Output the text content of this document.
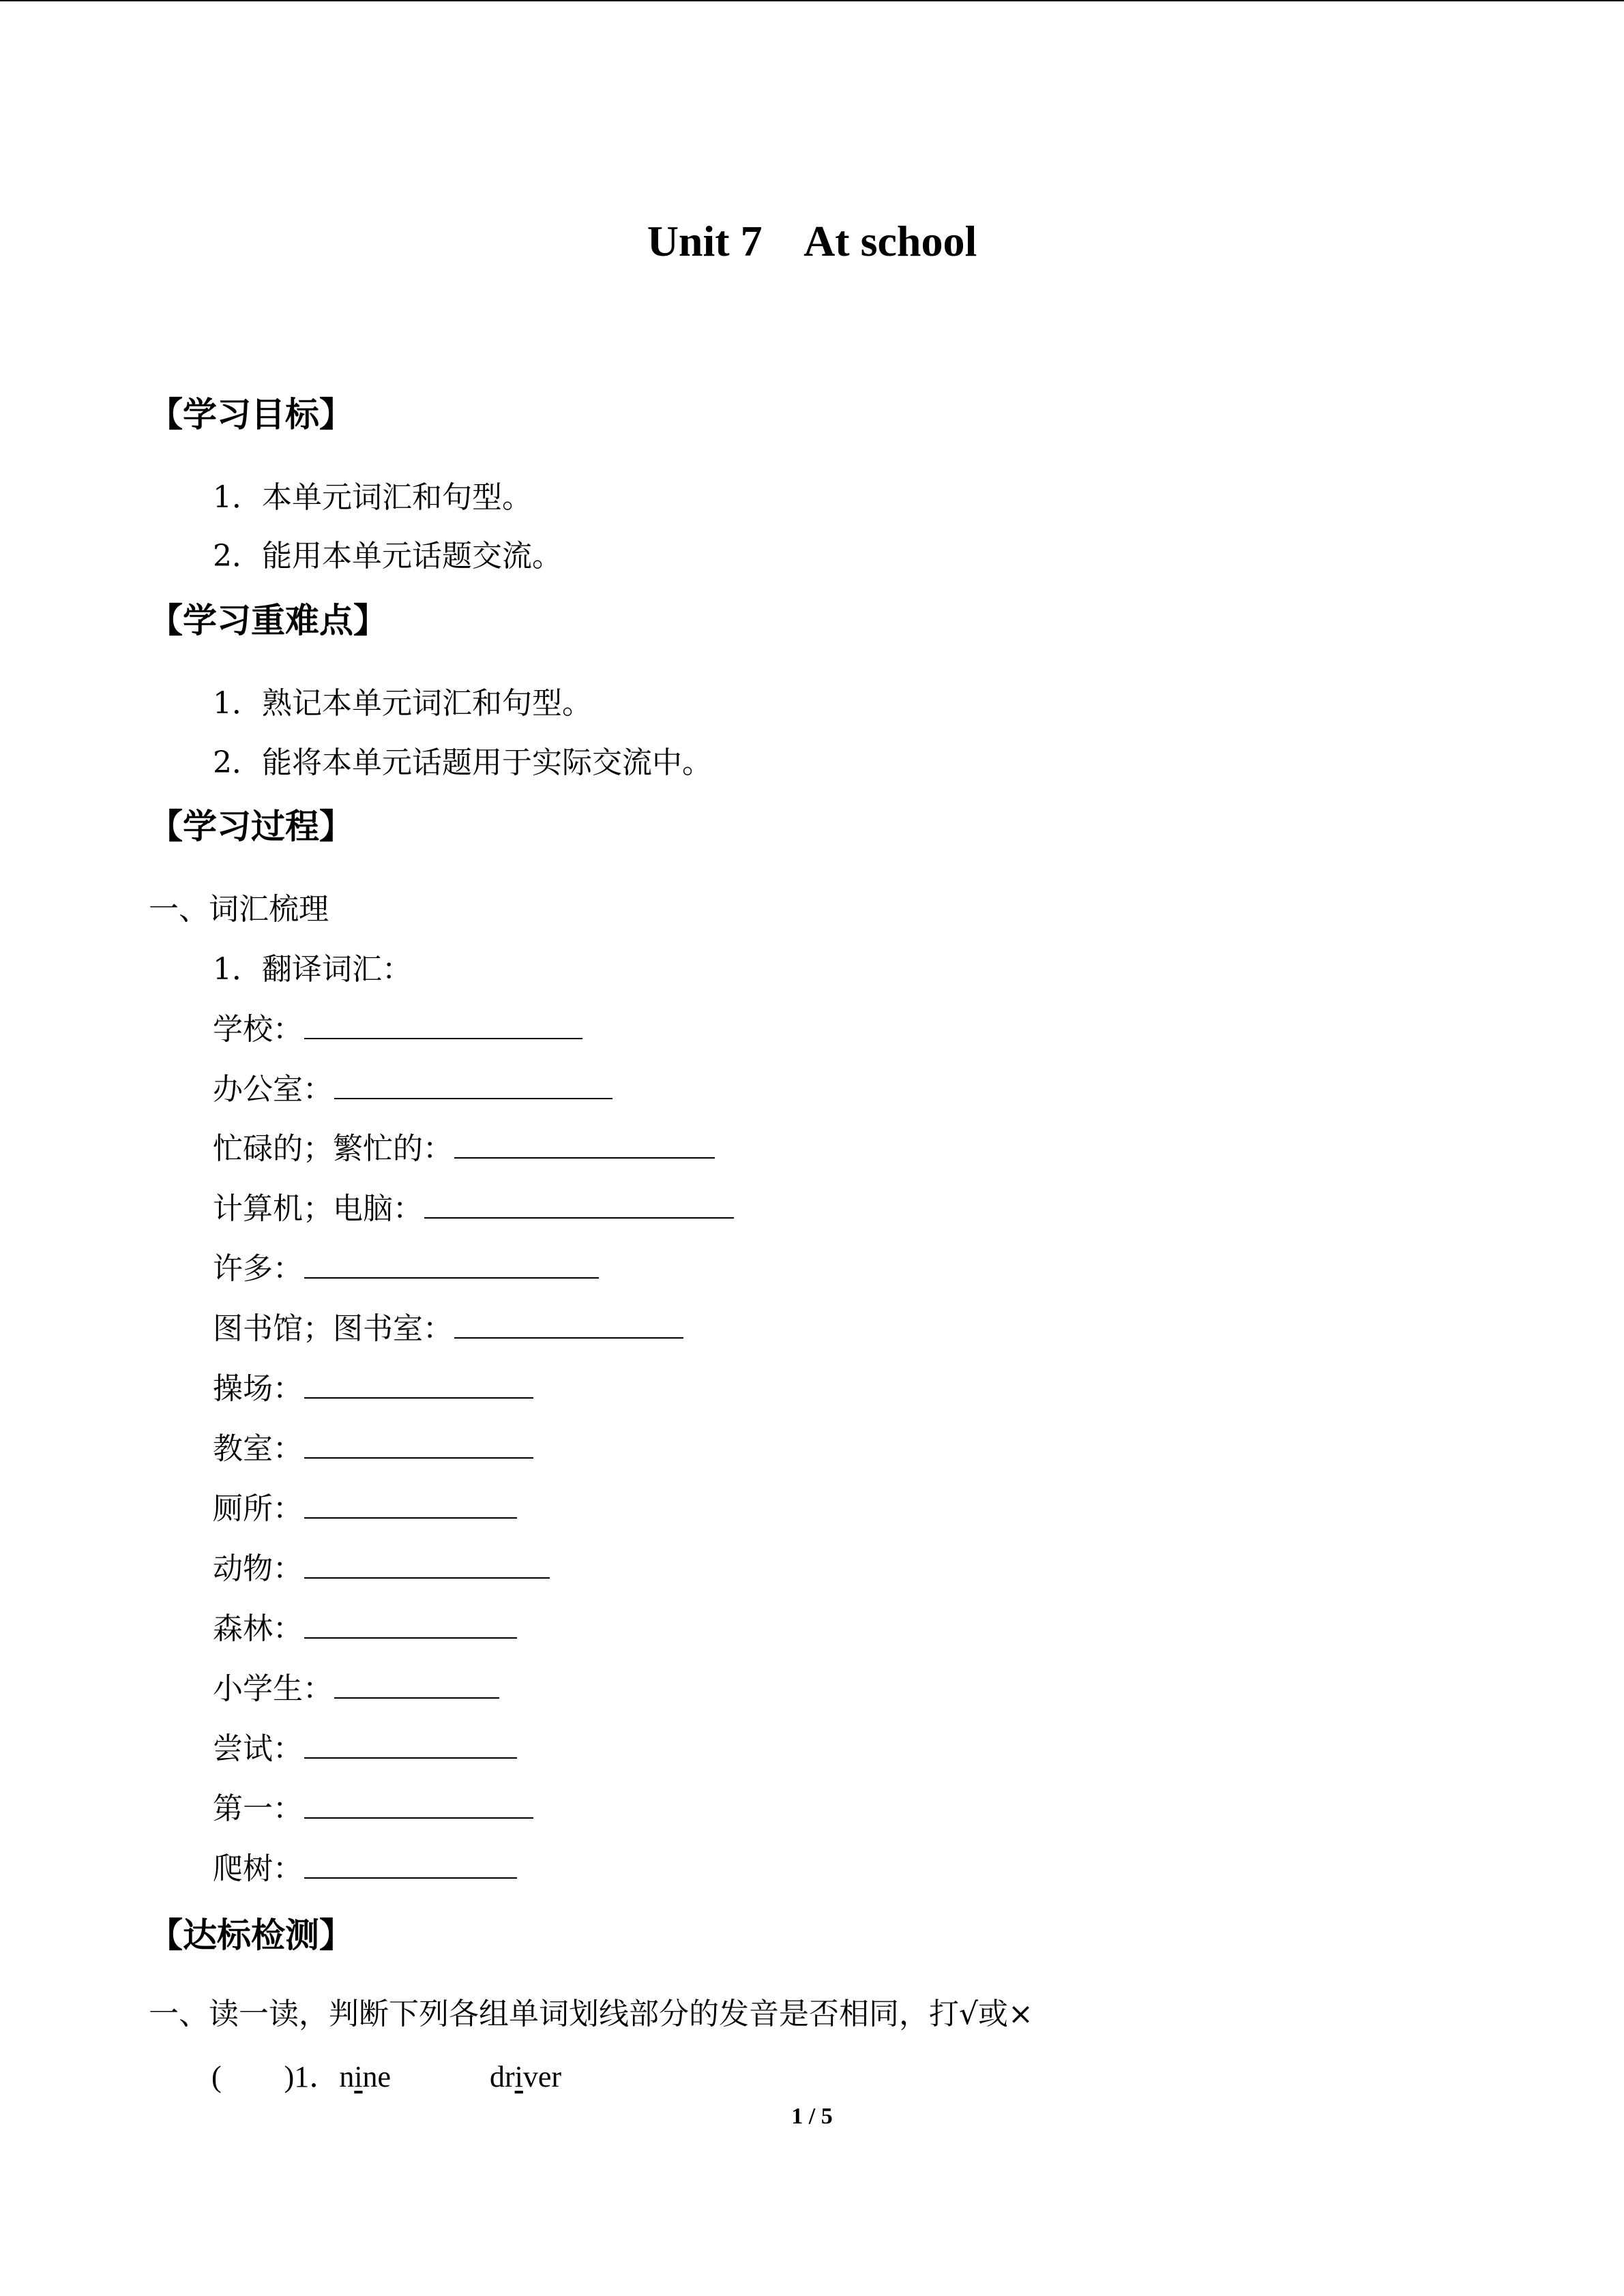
Unit 7    At school
【学习目标】
1．本单元词汇和句型。
2．能用本单元话题交流。
【学习重难点】
1．熟记本单元词汇和句型。
2．能将本单元话题用于实际交流中。
【学习过程】
一、词汇梳理
1．翻译词汇：
学校：
办公室：
忙碌的；繁忙的：
计算机；电脑：
许多：
图书馆；图书室：
操场：
教室：
厕所：
动物：
森林：
小学生：
尝试：
第一：
爬树：
【达标检测】
一、读一读，判断下列各组单词划线部分的发音是否相同，打√或×
( )1．nine	driver
1 / 5
